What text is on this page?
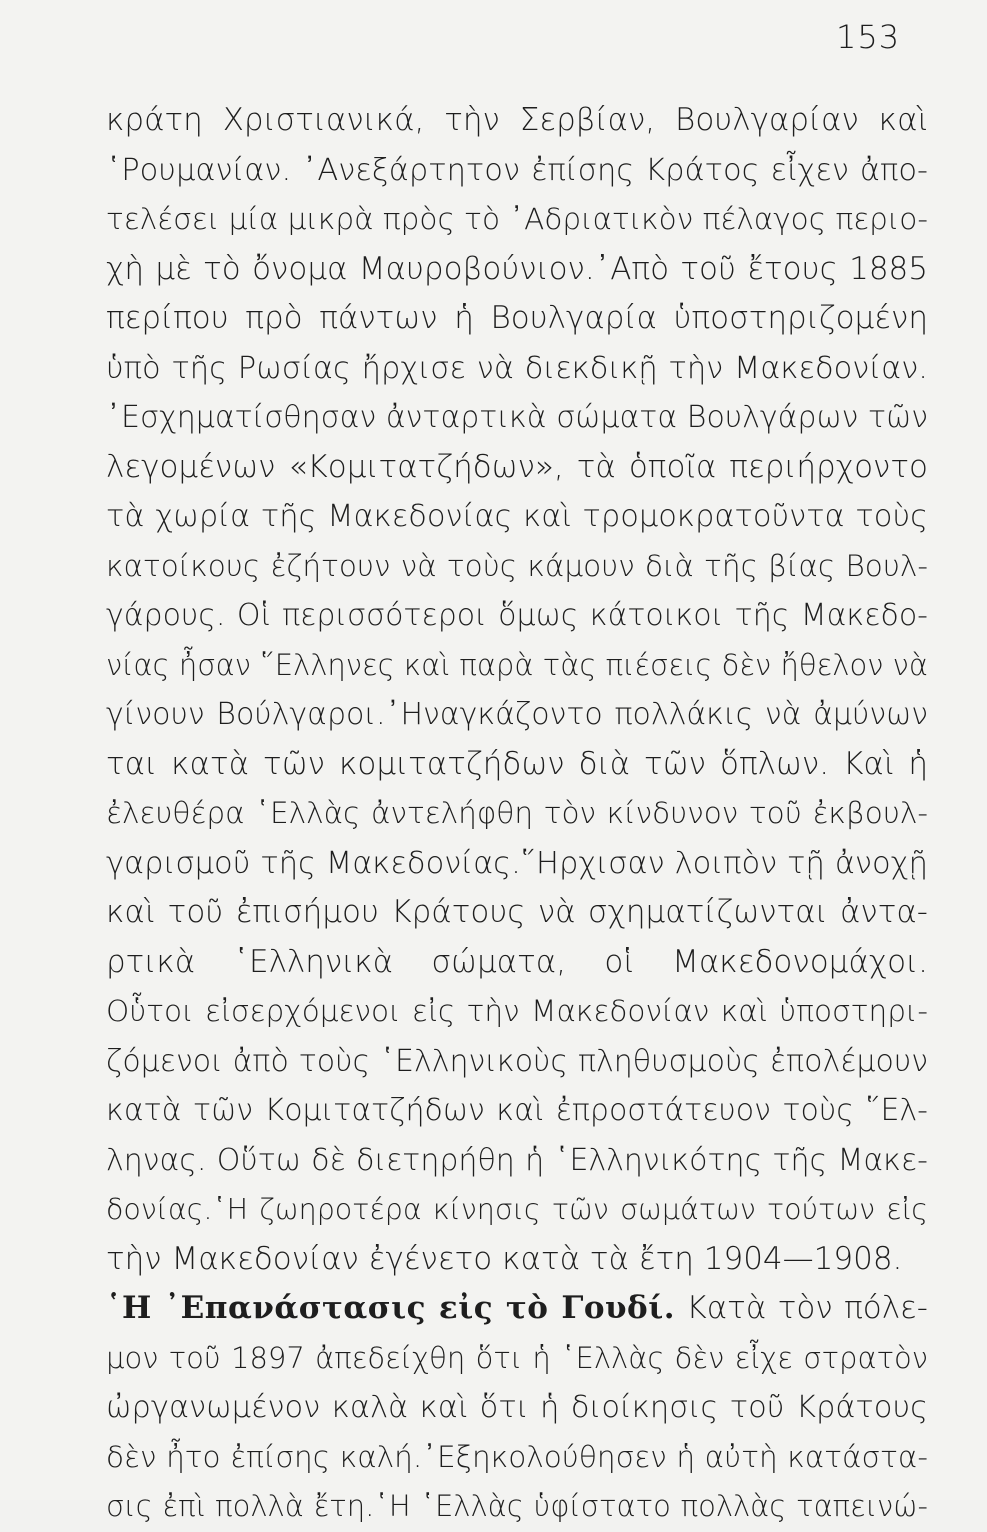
153
κράτη Χριστιανικά, τὴν Σερβίαν, Βουλγαρίαν καὶ
῾Ρουμανίαν. ᾿Ανεξάρτητον ἐπίσης Κράτος εἶχεν ἀπο-
τελέσει μία μικρὰ πρὸς τὸ ᾿Αδριατικὸν πέλαγος περιο-
χὴ μὲ τὸ ὄνομα Μαυροβούνιον.᾿Απὸ τοῦ ἔτους 1885
περίπου πρὸ πάντων ἡ Βουλγαρία ὑποστηριζομένη
ὑπὸ τῆς Ρωσίας ἤρχισε νὰ διεκδικῇ τὴν Μακεδονίαν.
᾿Εσχηματίσθησαν ἀνταρτικὰ σώματα Βουλγάρων τῶν
λεγομένων «Κομιτατζήδων», τὰ ὁποῖα περιήρχοντο
τὰ χωρία τῆς Μακεδονίας καὶ τρομοκρατοῦντα τοὺς
κατοίκους ἐζήτουν νὰ τοὺς κάμουν διὰ τῆς βίας Βουλ-
γάρους. Οἱ περισσότεροι ὅμως κάτοικοι τῆς Μακεδο-
νίας ἦσαν ῞Ελληνες καὶ παρὰ τὰς πιέσεις δὲν ἤθελον νὰ
γίνουν Βούλγαροι.᾿Ηναγκάζοντο πολλάκις νὰ ἀμύνων
ται κατὰ τῶν κομιτατζήδων διὰ τῶν ὅπλων. Καὶ ἡ
ἐλευθέρα ῾Ελλὰς ἀντελήφθη τὸν κίνδυνον τοῦ ἐκβουλ-
γαρισμοῦ τῆς Μακεδονίας.῞Ηρχισαν λοιπὸν τῇ ἀνοχῇ
καὶ τοῦ ἐπισήμου Κράτους νὰ σχηματίζωνται ἀντα-
ρτικὰ ῾Ελληνικὰ σώματα, οἱ Μακεδονομάχοι.
Οὗτοι εἰσερχόμενοι εἰς τὴν Μακεδονίαν καὶ ὑποστηρι-
ζόμενοι ἀπὸ τοὺς ῾Ελληνικοὺς πληθυσμοὺς ἐπολέμουν
κατὰ τῶν Κομιτατζήδων καὶ ἐπροστάτευον τοὺς ῞Ελ-
ληνας. Οὕτω δὲ διετηρήθη ἡ ῾Ελληνικότης τῆς Μακε-
δονίας.῾Η ζωηροτέρα κίνησις τῶν σωμάτων τούτων εἰς
τὴν Μακεδονίαν ἐγένετο κατὰ τὰ ἔτη 1904—1908.
῾Η ᾿Επανάστασις εἰς τὸ Γουδί. Κατὰ τὸν πόλε-
μον τοῦ 1897 ἀπεδείχθη ὅτι ἡ ῾Ελλὰς δὲν εἶχε στρατὸν
ὠργανωμένον καλὰ καὶ ὅτι ἡ διοίκησις τοῦ Κράτους
δὲν ἦτο ἐπίσης καλή.᾿Εξηκολούθησεν ἡ αὐτὴ κατάστα-
σις ἐπὶ πολλὰ ἔτη.῾Η ῾Ελλὰς ὑφίστατο πολλὰς ταπεινώ-
